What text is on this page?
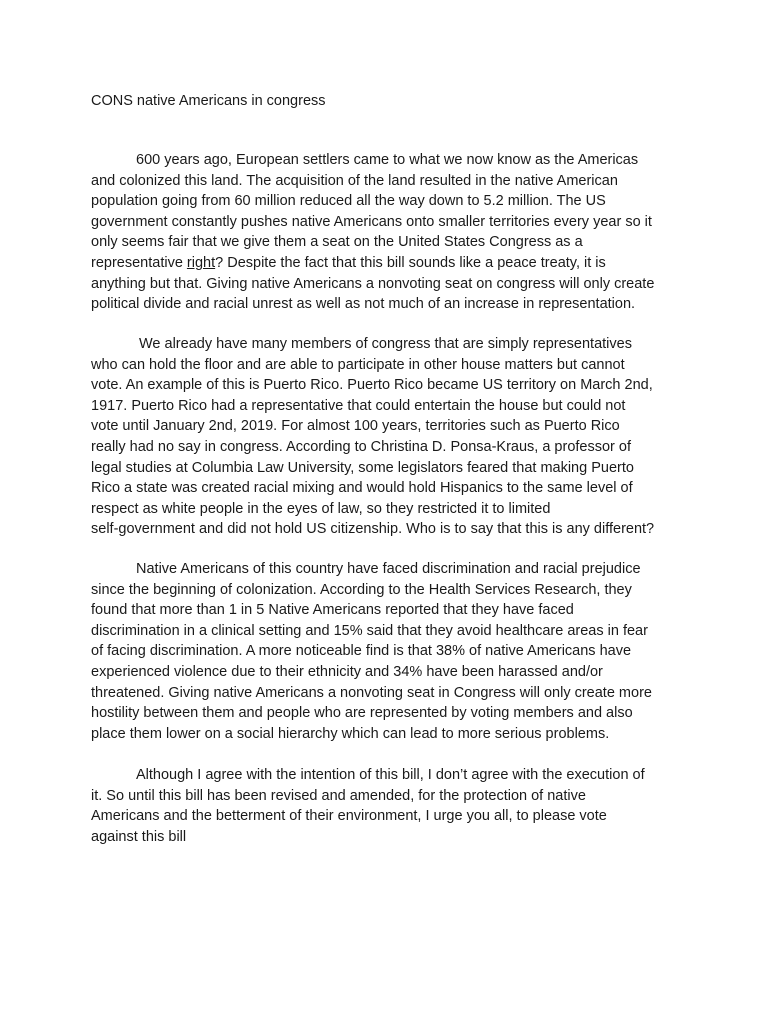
CONS native Americans in congress

600 years ago, European settlers came to what we now know as the Americas
and colonized this land. The acquisition of the land resulted in the native American
population going from 60 million reduced all the way down to 5.2 million. The US
government constantly pushes native Americans onto smaller territories every year so it
only seems fair that we give them a seat on the United States Congress as a
representative right? Despite the fact that this bill sounds like a peace treaty, it is
anything but that. Giving native Americans a nonvoting seat on congress will only create
political divide and racial unrest as well as not much of an increase in representation.

We already have many members of congress that are simply representatives
who can hold the floor and are able to participate in other house matters but cannot
vote. An example of this is Puerto Rico. Puerto Rico became US territory on March 2nd,
1917. Puerto Rico had a representative that could entertain the house but could not
vote until January 2nd, 2019. For almost 100 years, territories such as Puerto Rico
really had no say in congress. According to Christina D. Ponsa-Kraus, a professor of
legal studies at Columbia Law University, some legislators feared that making Puerto
Rico a state was created racial mixing and would hold Hispanics to the same level of
respect as white people in the eyes of law, so they restricted it to limited
self-government and did not hold US citizenship. Who is to say that this is any different?

Native Americans of this country have faced discrimination and racial prejudice
since the beginning of colonization. According to the Health Services Research, they
found that more than 1 in 5 Native Americans reported that they have faced
discrimination in a clinical setting and 15% said that they avoid healthcare areas in fear
of facing discrimination. A more noticeable find is that 38% of native Americans have
experienced violence due to their ethnicity and 34% have been harassed and/or
threatened. Giving native Americans a nonvoting seat in Congress will only create more
hostility between them and people who are represented by voting members and also
place them lower on a social hierarchy which can lead to more serious problems.

Although I agree with the intention of this bill, I don’t agree with the execution of
it. So until this bill has been revised and amended, for the protection of native
Americans and the betterment of their environment, I urge you all, to please vote
against this bill
